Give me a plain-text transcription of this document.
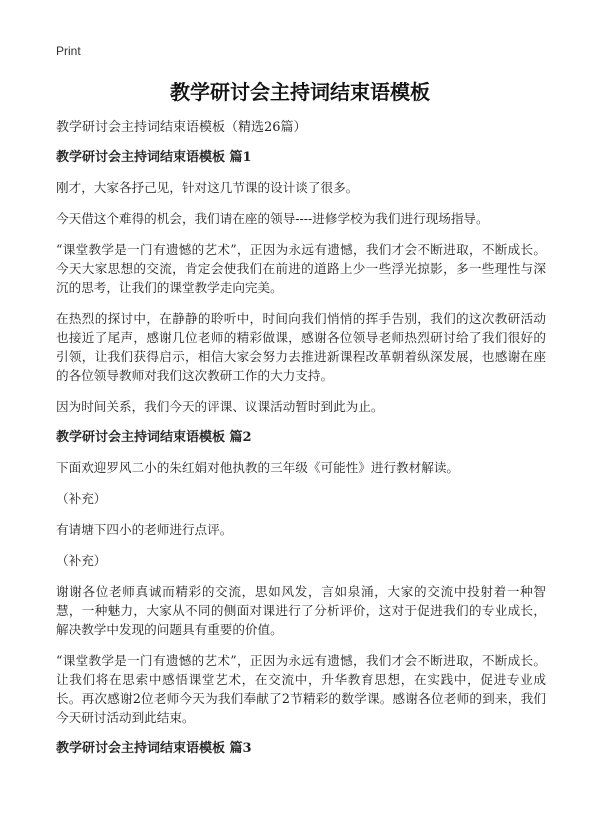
Print
教学研讨会主持词结束语模板

教学研讨会主持词结束语模板（精选26篇）

教学研讨会主持词结束语模板 篇1

刚才，大家各抒己见，针对这几节课的设计谈了很多。

今天借这个难得的机会，我们请在座的领导----进修学校为我们进行现场指导。

“课堂教学是一门有遗憾的艺术”，正因为永远有遗憾，我们才会不断进取，不断成长。今天大家思想的交流，肯定会使我们在前进的道路上少一些浮光掠影，多一些理性与深沉的思考，让我们的课堂教学走向完美。

在热烈的探讨中，在静静的聆听中，时间向我们悄悄的挥手告别，我们的这次教研活动也接近了尾声，感谢几位老师的精彩做课，感谢各位领导老师热烈研讨给了我们很好的引领，让我们获得启示，相信大家会努力去推进新课程改革朝着纵深发展，也感谢在座的各位领导教师对我们这次教研工作的大力支持。

因为时间关系，我们今天的评课、议课活动暂时到此为止。

教学研讨会主持词结束语模板 篇2

下面欢迎罗风二小的朱红娟对他执教的三年级《可能性》进行教材解读。

（补充）

有请塘下四小的老师进行点评。

（补充）

谢谢各位老师真诚而精彩的交流，思如风发，言如泉涌，大家的交流中投射着一种智慧，一种魅力，大家从不同的侧面对课进行了分析评价，这对于促进我们的专业成长，解决教学中发现的问题具有重要的价值。

“课堂教学是一门有遗憾的艺术”，正因为永远有遗憾，我们才会不断进取，不断成长。让我们将在思索中感悟课堂艺术，在交流中，升华教育思想，在实践中，促进专业成长。再次感谢2位老师今天为我们奉献了2节精彩的数学课。感谢各位老师的到来，我们今天研讨活动到此结束。

教学研讨会主持词结束语模板 篇3
